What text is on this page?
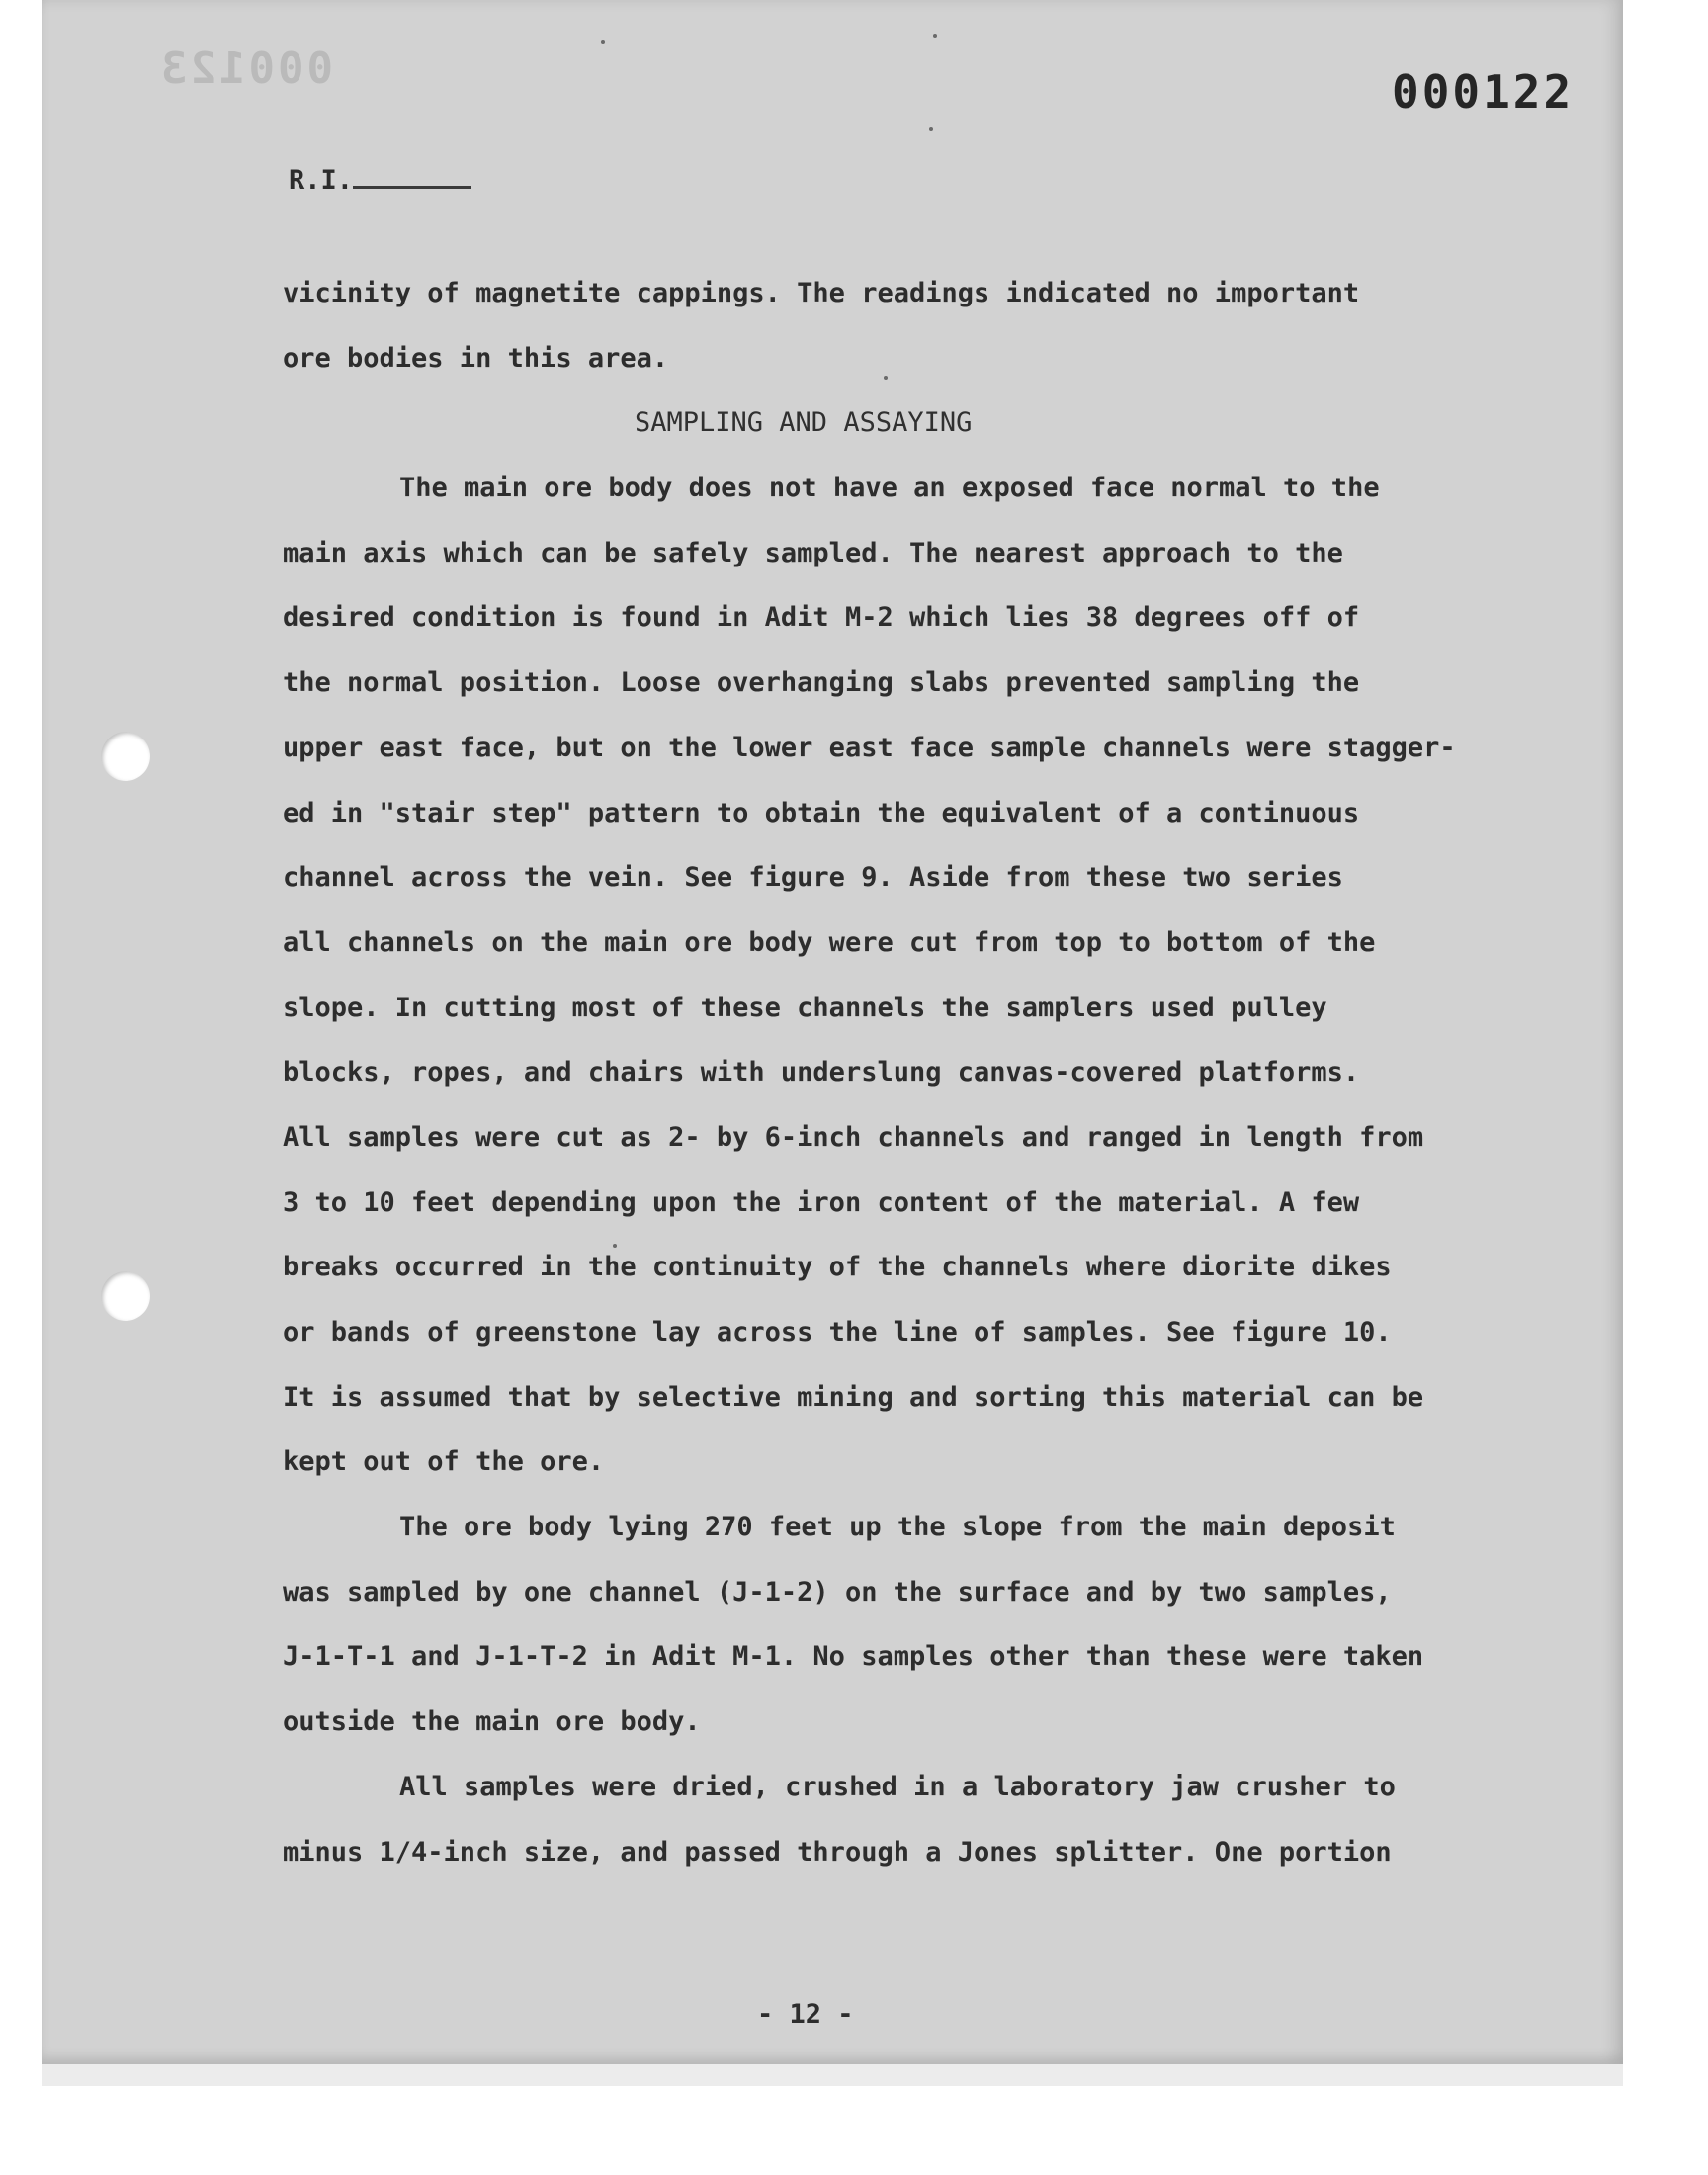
000123	000122
R.I.
vicinity of magnetite cappings. The readings indicated no important
ore bodies in this area.
SAMPLING AND ASSAYING
The main ore body does not have an exposed face normal to the
main axis which can be safely sampled. The nearest approach to the
desired condition is found in Adit M-2 which lies 38 degrees off of
the normal position. Loose overhanging slabs prevented sampling the
upper east face, but on the lower east face sample channels were stagger-
ed in "stair step" pattern to obtain the equivalent of a continuous
channel across the vein. See figure 9. Aside from these two series
all channels on the main ore body were cut from top to bottom of the
slope. In cutting most of these channels the samplers used pulley
blocks, ropes, and chairs with underslung canvas-covered platforms.
All samples were cut as 2- by 6-inch channels and ranged in length from
3 to 10 feet depending upon the iron content of the material. A few
breaks occurred in the continuity of the channels where diorite dikes
or bands of greenstone lay across the line of samples. See figure 10.
It is assumed that by selective mining and sorting this material can be
kept out of the ore.
The ore body lying 270 feet up the slope from the main deposit
was sampled by one channel (J-1-2) on the surface and by two samples,
J-1-T-1 and J-1-T-2 in Adit M-1. No samples other than these were taken
outside the main ore body.
All samples were dried, crushed in a laboratory jaw crusher to
minus 1/4-inch size, and passed through a Jones splitter. One portion
- 12 -
